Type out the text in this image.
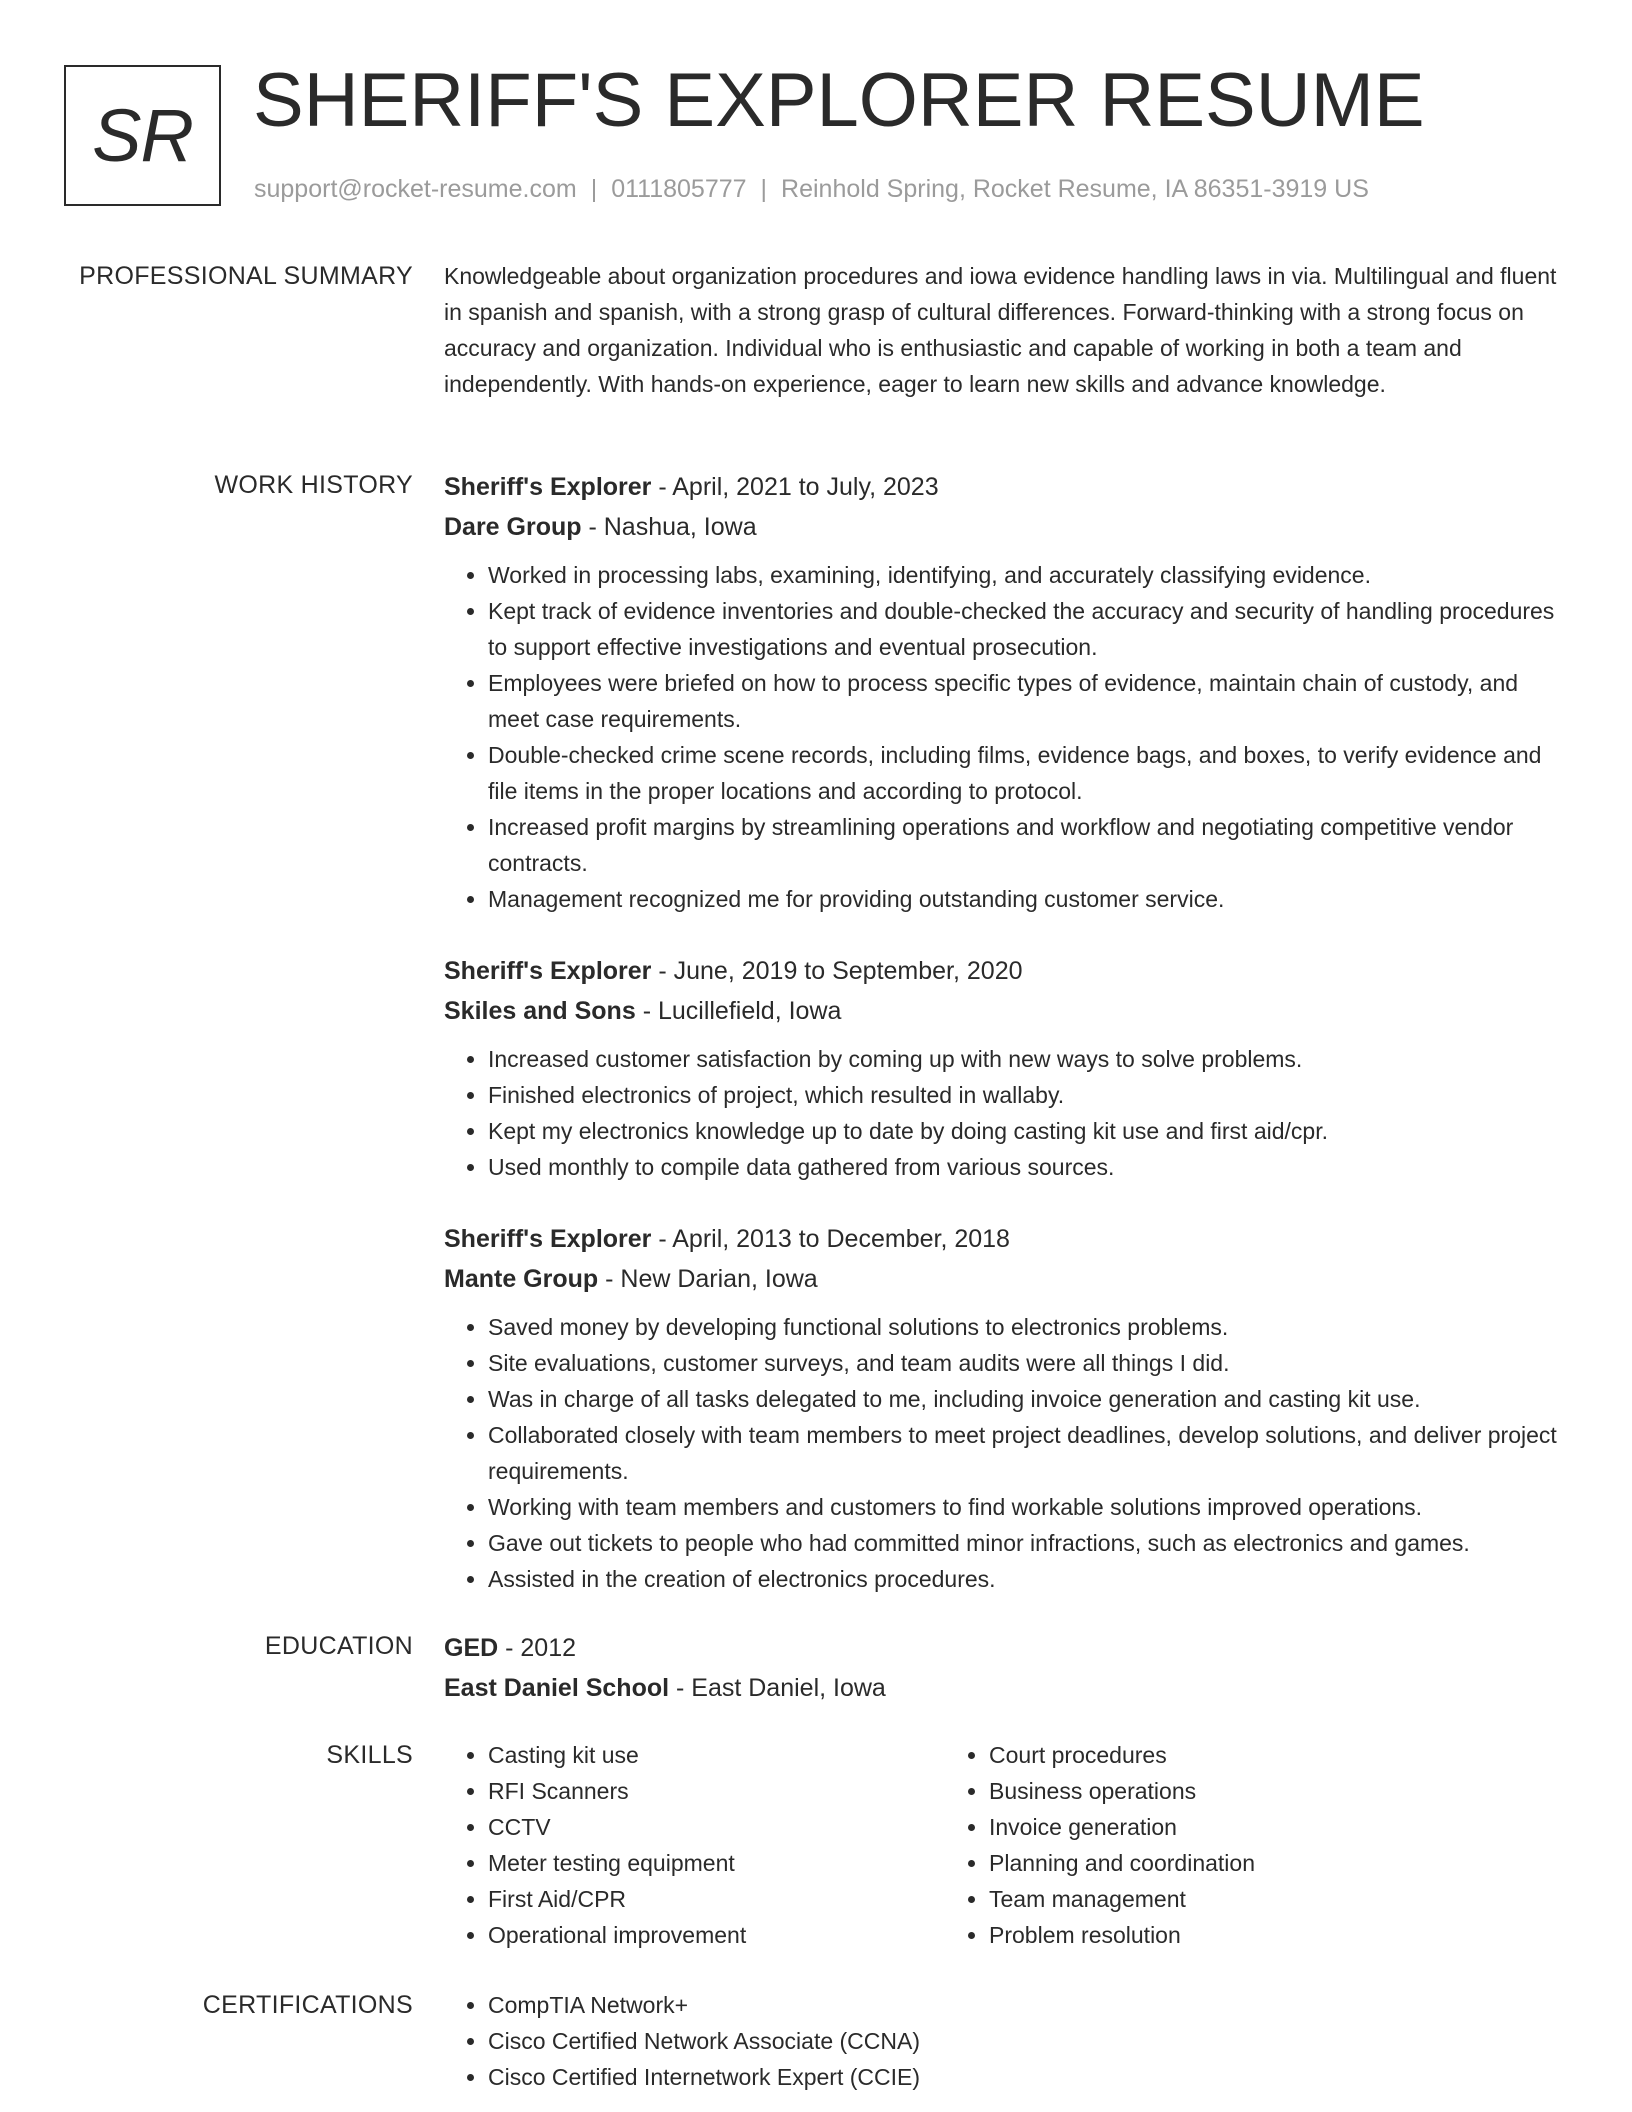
SR SHERIFF'S EXPLORER RESUME
support@rocket-resume.com | 0111805777 | Reinhold Spring, Rocket Resume, IA 86351-3919 US
PROFESSIONAL SUMMARY Knowledgeable about organization procedures and iowa evidence handling laws in via. Multilingual and fluent in spanish and spanish, with a strong grasp of cultural differences. Forward-thinking with a strong focus on accuracy and organization. Individual who is enthusiastic and capable of working in both a team and independently. With hands-on experience, eager to learn new skills and advance knowledge.

WORK HISTORY Sheriff's Explorer - April, 2021 to July, 2023
Dare Group - Nashua, Iowa
• Worked in processing labs, examining, identifying, and accurately classifying evidence.
• Kept track of evidence inventories and double-checked the accuracy and security of handling procedures to support effective investigations and eventual prosecution.
• Employees were briefed on how to process specific types of evidence, maintain chain of custody, and meet case requirements.
• Double-checked crime scene records, including films, evidence bags, and boxes, to verify evidence and file items in the proper locations and according to protocol.
• Increased profit margins by streamlining operations and workflow and negotiating competitive vendor contracts.
• Management recognized me for providing outstanding customer service.
Sheriff's Explorer - June, 2019 to September, 2020
Skiles and Sons - Lucillefield, Iowa
• Increased customer satisfaction by coming up with new ways to solve problems.
• Finished electronics of project, which resulted in wallaby.
• Kept my electronics knowledge up to date by doing casting kit use and first aid/cpr.
• Used monthly to compile data gathered from various sources.
Sheriff's Explorer - April, 2013 to December, 2018
Mante Group - New Darian, Iowa
• Saved money by developing functional solutions to electronics problems.
• Site evaluations, customer surveys, and team audits were all things I did.
• Was in charge of all tasks delegated to me, including invoice generation and casting kit use.
• Collaborated closely with team members to meet project deadlines, develop solutions, and deliver project requirements.
• Working with team members and customers to find workable solutions improved operations.
• Gave out tickets to people who had committed minor infractions, such as electronics and games.
• Assisted in the creation of electronics procedures.
EDUCATION GED - 2012
East Daniel School - East Daniel, Iowa
SKILLS	• Casting kit use
• RFI Scanners
• CCTV
• Meter testing equipment
• First Aid/CPR
• Operational improvement
• Court procedures
• Business operations
• Invoice generation
• Planning and coordination
• Team management
• Problem resolution
CERTIFICATIONS	• CompTIA Network+
• Cisco Certified Network Associate (CCNA)
• Cisco Certified Internetwork Expert (CCIE)
